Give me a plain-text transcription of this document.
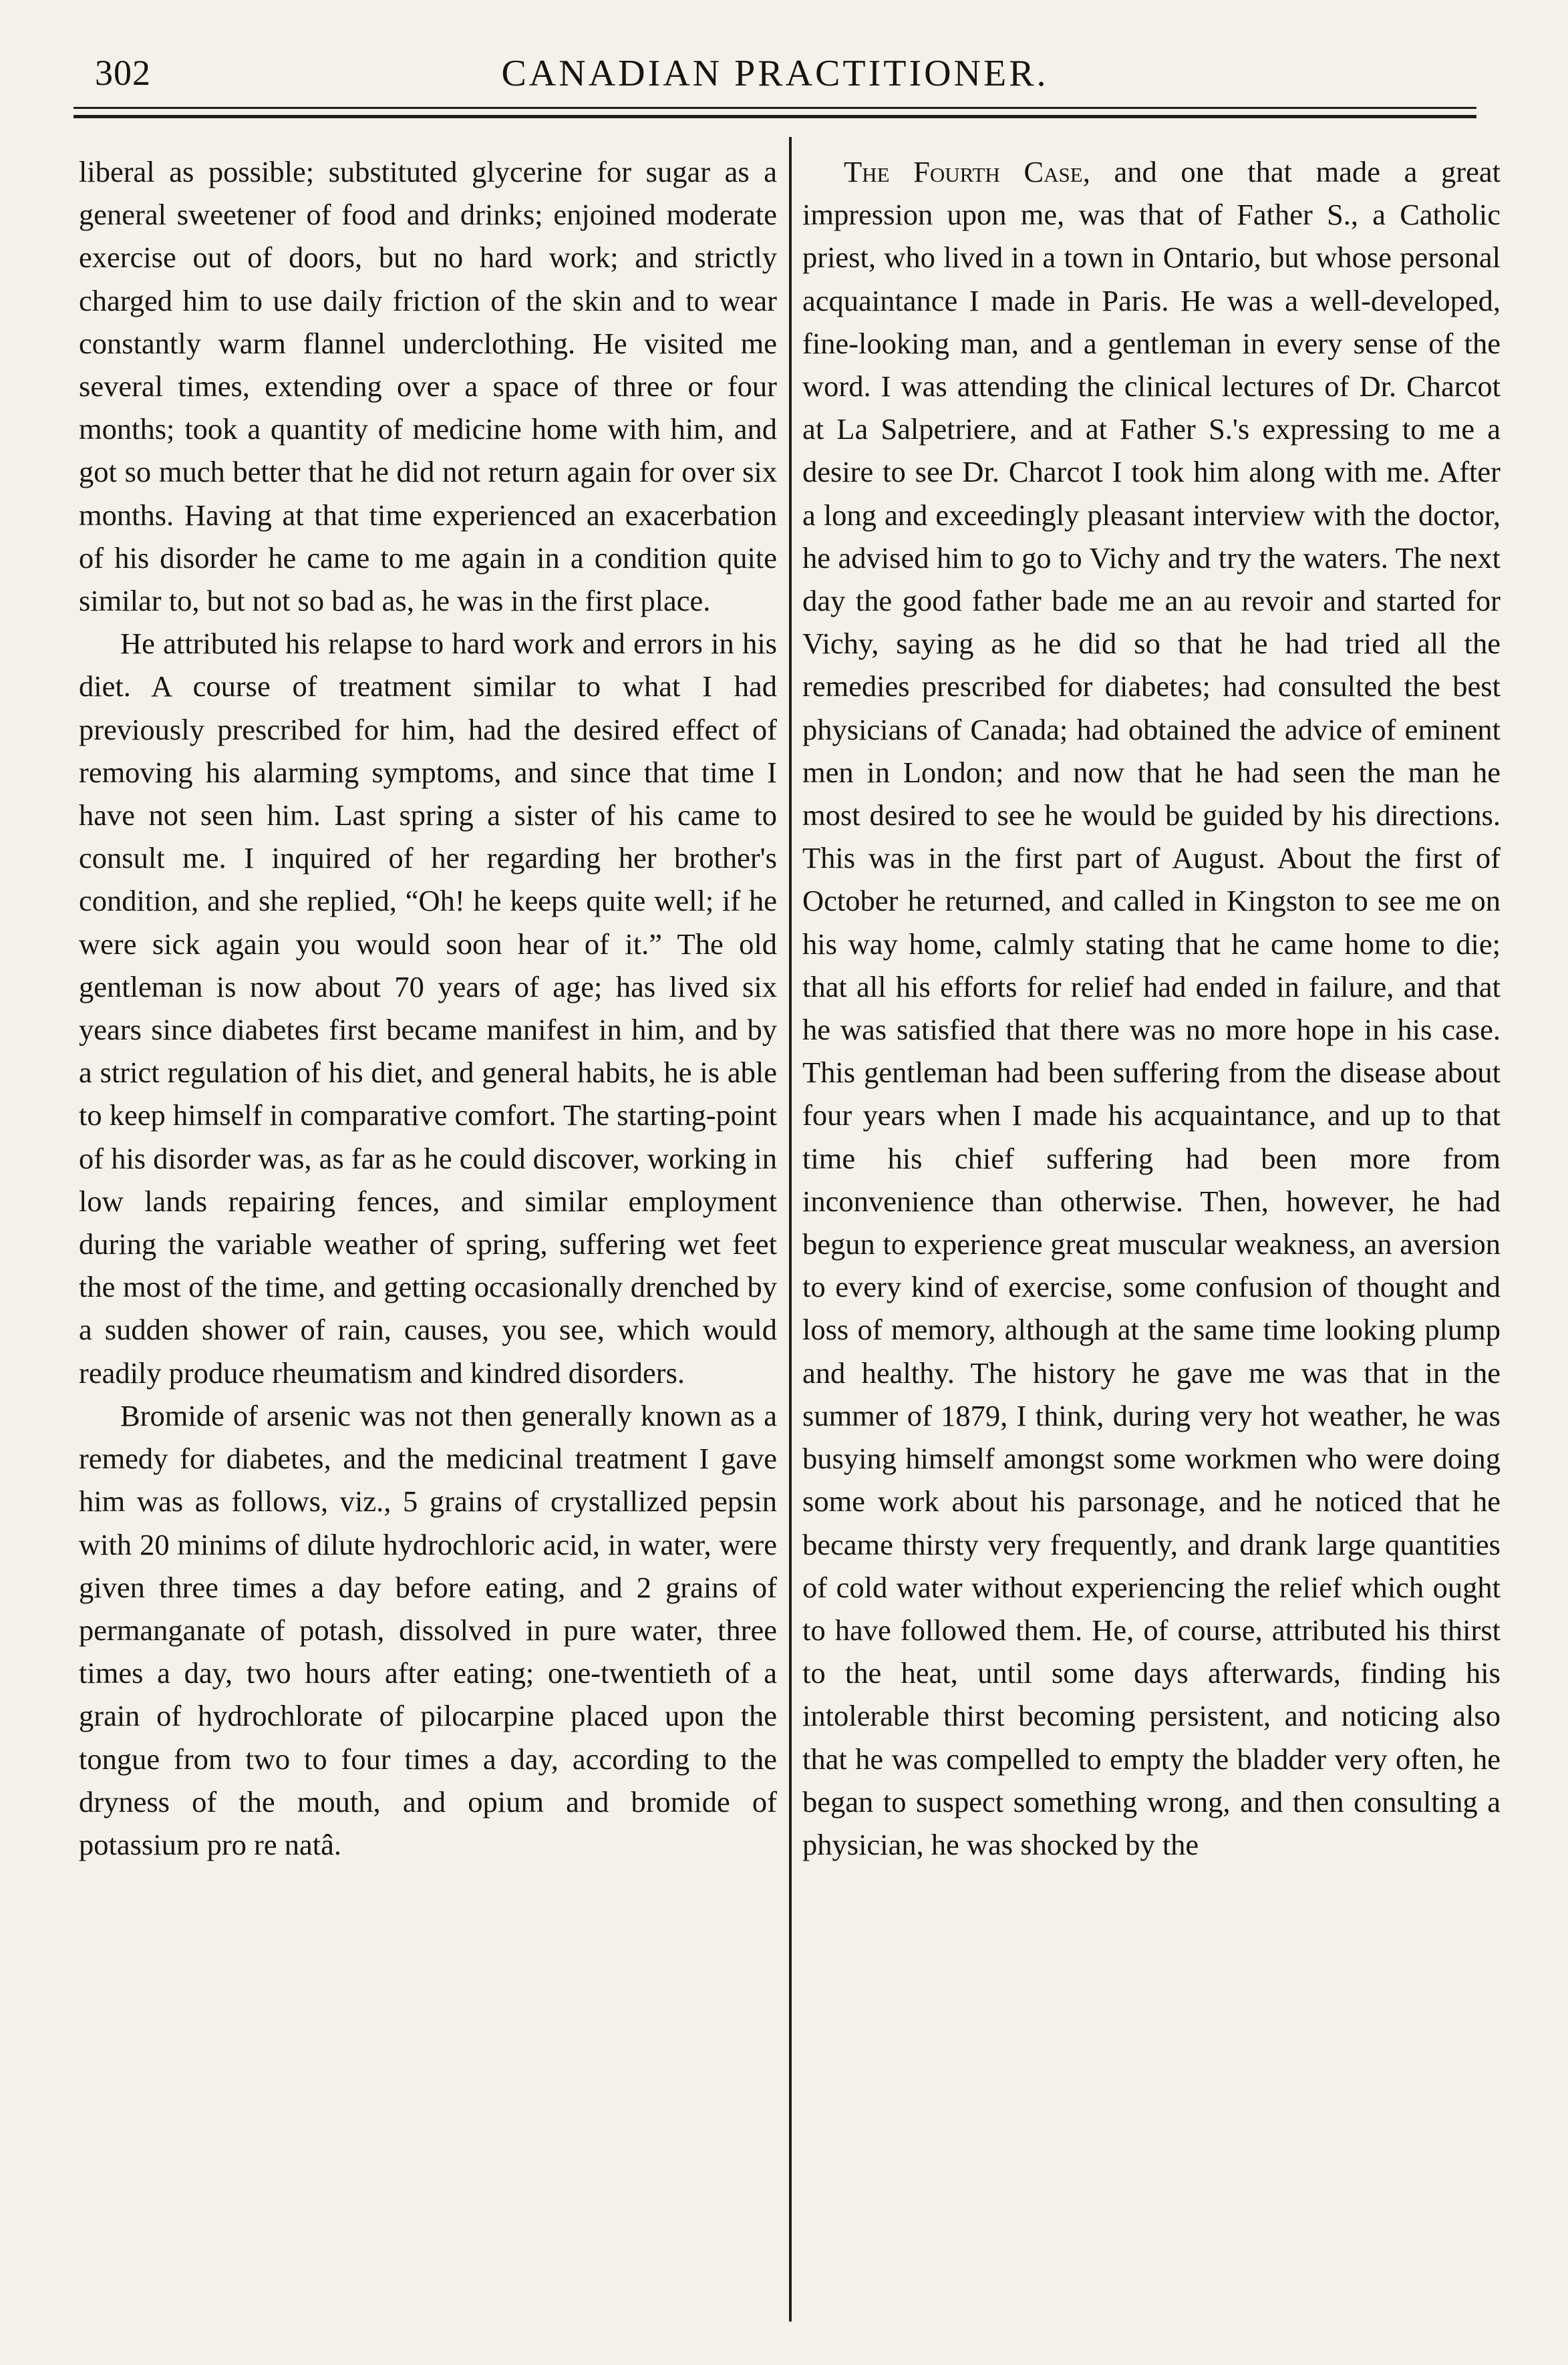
302	CANADIAN PRACTITIONER.

liberal as possible; substituted glycerine for sugar as a general sweetener of food and drinks; enjoined moderate exercise out of doors, but no hard work; and strictly charged him to use daily friction of the skin and to wear constantly warm flannel underclothing. He visited me several times, extending over a space of three or four months; took a quantity of medicine home with him, and got so much better that he did not return again for over six months. Having at that time experienced an exacerbation of his disorder he came to me again in a condition quite similar to, but not so bad as, he was in the first place.

He attributed his relapse to hard work and errors in his diet. A course of treatment similar to what I had previously prescribed for him, had the desired effect of removing his alarming symptoms, and since that time I have not seen him. Last spring a sister of his came to consult me. I inquired of her regarding her brother's condition, and she replied, “Oh! he keeps quite well; if he were sick again you would soon hear of it.” The old gentleman is now about 70 years of age; has lived six years since diabetes first became manifest in him, and by a strict regulation of his diet, and general habits, he is able to keep himself in comparative comfort. The starting-point of his disorder was, as far as he could discover, working in low lands repairing fences, and similar employment during the variable weather of spring, suffering wet feet the most of the time, and getting occasionally drenched by a sudden shower of rain, causes, you see, which would readily produce rheumatism and kindred disorders.

Bromide of arsenic was not then generally known as a remedy for diabetes, and the medicinal treatment I gave him was as follows, viz., 5 grains of crystallized pepsin with 20 minims of dilute hydrochloric acid, in water, were given three times a day before eating, and 2 grains of permanganate of potash, dissolved in pure water, three times a day, two hours after eating; one-twentieth of a grain of hydrochlorate of pilocarpine placed upon the tongue from two to four times a day, according to the dryness of the mouth, and opium and bromide of potassium pro re natâ.

The Fourth Case, and one that made a great impression upon me, was that of Father S., a Catholic priest, who lived in a town in Ontario, but whose personal acquaintance I made in Paris. He was a well-developed, fine-looking man, and a gentleman in every sense of the word. I was attending the clinical lectures of Dr. Charcot at La Salpetriere, and at Father S.'s expressing to me a desire to see Dr. Charcot I took him along with me. After a long and exceedingly pleasant interview with the doctor, he advised him to go to Vichy and try the waters. The next day the good father bade me an au revoir and started for Vichy, saying as he did so that he had tried all the remedies prescribed for diabetes; had consulted the best physicians of Canada; had obtained the advice of eminent men in London; and now that he had seen the man he most desired to see he would be guided by his directions. This was in the first part of August. About the first of October he returned, and called in Kingston to see me on his way home, calmly stating that he came home to die; that all his efforts for relief had ended in failure, and that he was satisfied that there was no more hope in his case. This gentleman had been suffering from the disease about four years when I made his acquaintance, and up to that time his chief suffering had been more from inconvenience than otherwise. Then, however, he had begun to experience great muscular weakness, an aversion to every kind of exercise, some confusion of thought and loss of memory, although at the same time looking plump and healthy. The history he gave me was that in the summer of 1879, I think, during very hot weather, he was busying himself amongst some workmen who were doing some work about his parsonage, and he noticed that he became thirsty very frequently, and drank large quantities of cold water without experiencing the relief which ought to have followed them. He, of course, attributed his thirst to the heat, until some days afterwards, finding his intolerable thirst becoming persistent, and noticing also that he was compelled to empty the bladder very often, he began to suspect something wrong, and then consulting a physician, he was shocked by the
